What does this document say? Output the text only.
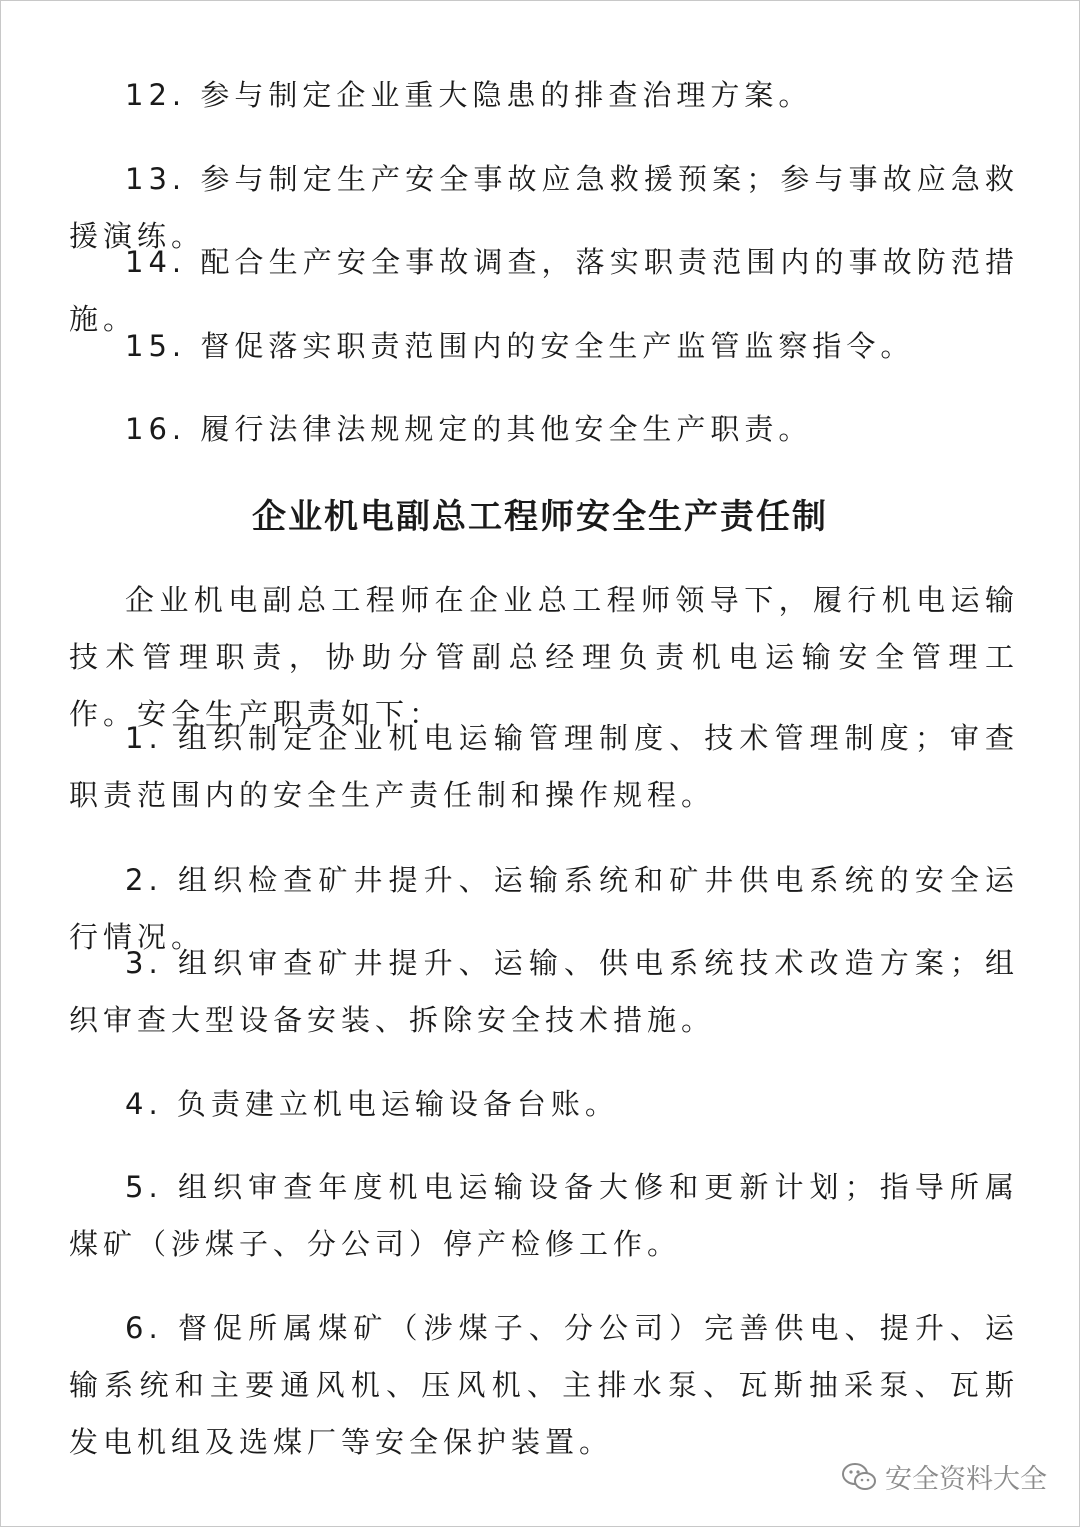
12. 参与制定企业重大隐患的排查治理方案。

13. 参与制定生产安全事故应急救援预案；参与事故应急救援演练。

14. 配合生产安全事故调查，落实职责范围内的事故防范措施。

15. 督促落实职责范围内的安全生产监管监察指令。

16. 履行法律法规规定的其他安全生产职责。

企业机电副总工程师安全生产责任制

企业机电副总工程师在企业总工程师领导下，履行机电运输技术管理职责，协助分管副总经理负责机电运输安全管理工作。安全生产职责如下：

1. 组织制定企业机电运输管理制度、技术管理制度；审查职责范围内的安全生产责任制和操作规程。

2. 组织检查矿井提升、运输系统和矿井供电系统的安全运行情况。

3. 组织审查矿井提升、运输、供电系统技术改造方案；组织审查大型设备安装、拆除安全技术措施。

4. 负责建立机电运输设备台账。

5. 组织审查年度机电运输设备大修和更新计划；指导所属煤矿（涉煤子、分公司）停产检修工作。

6. 督促所属煤矿（涉煤子、分公司）完善供电、提升、运输系统和主要通风机、压风机、主排水泵、瓦斯抽采泵、瓦斯发电机组及选煤厂等安全保护装置。

安全资料大全
